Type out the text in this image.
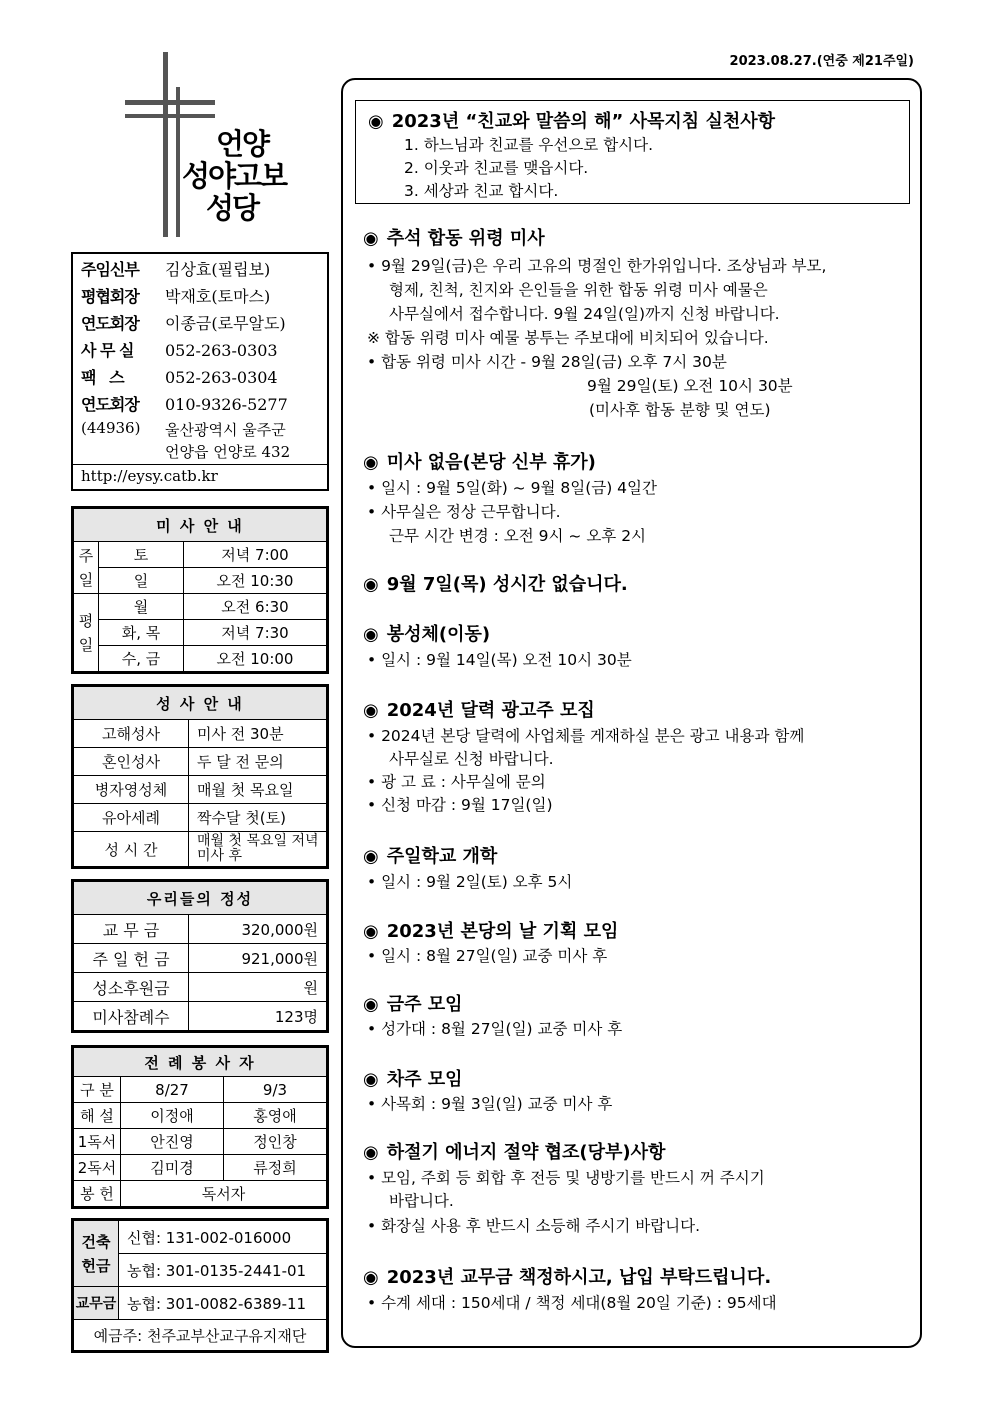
2023.08.27.(연중 제21주일)
언양
성야고보
성당
주임신부 김상효(필립보)
평협회장 박재호(토마스)
연도회장 이종금(로무알도)
사 무 실 052-263-0303
팩   스	052-263-0304
연도회장 010-9326-5277
(44936) 울산광역시 울주군
언양읍 언양로 432
http://eysy.catb.kr
미 사 안 내		
주일	토	저녁 7:00
	일	오전 10:30
평일	월	오전 6:30
	화, 목	저녁 7:30
	수, 금	오전 10:00
성 사 안 내	
고해성사	미사 전 30분
혼인성사	두 달 전 문의
병자영성체	매월 첫 목요일
유아세례	짝수달 첫(토)
성 시 간	매월 첫 목요일 저녁미사 후
우리들의 정성	
교 무 금	320,000원
주 일 헌 금	921,000원
성소후원금	원
미사참례수	123명
전 례 봉 사 자		
구 분	8/27	9/3
해 설	이정애	홍영애
1독서	안진영	정인창
2독서	김미경	류정희
봉 헌	독서자	
건축헌금	신협: 131-002-016000
	농협: 301-0135-2441-01
교무금	농협: 301-0082-6389-11
예금주: 천주교부산교구유지재단	
◉ 2023년 “친교와 말씀의 해” 사목지침 실천사항
1. 하느님과 친교를 우선으로 합시다.
2. 이웃과 친교를 맺읍시다.
3. 세상과 친교 합시다.
◉ 추석 합동 위령 미사
• 9월 29일(금)은 우리 고유의 명절인 한가위입니다. 조상님과 부모,
형제, 친척, 친지와 은인들을 위한 합동 위령 미사 예물은
사무실에서 접수합니다. 9월 24일(일)까지 신청 바랍니다.
※ 합동 위령 미사 예물 봉투는 주보대에 비치되어 있습니다.
• 합동 위령 미사 시간 - 9월 28일(금) 오후 7시 30분
9월 29일(토) 오전 10시 30분
(미사후 합동 분향 및 연도)
◉ 미사 없음(본당 신부 휴가)
• 일시 : 9월 5일(화) ~ 9월 8일(금) 4일간
• 사무실은 정상 근무합니다.
근무 시간 변경 : 오전 9시 ~ 오후 2시
◉ 9월 7일(목) 성시간 없습니다.
◉ 봉성체(이동)
• 일시 : 9월 14일(목) 오전 10시 30분
◉ 2024년 달력 광고주 모집
• 2024년 본당 달력에 사업체를 게재하실 분은 광고 내용과 함께
사무실로 신청 바랍니다.
• 광 고 료 : 사무실에 문의
• 신청 마감 : 9월 17일(일)
◉ 주일학교 개학
• 일시 : 9월 2일(토) 오후 5시
◉ 2023년 본당의 날 기획 모임
• 일시 : 8월 27일(일) 교중 미사 후
◉ 금주 모임
• 성가대 : 8월 27일(일) 교중 미사 후
◉ 차주 모임
• 사목회 : 9월 3일(일) 교중 미사 후
◉ 하절기 에너지 절약 협조(당부)사항
• 모임, 주회 등 회합 후 전등 및 냉방기를 반드시 꺼 주시기
바랍니다.
• 화장실 사용 후 반드시 소등해 주시기 바랍니다.
◉ 2023년 교무금 책정하시고, 납입 부탁드립니다.
• 수계 세대 : 150세대 / 책정 세대(8월 20일 기준) : 95세대
